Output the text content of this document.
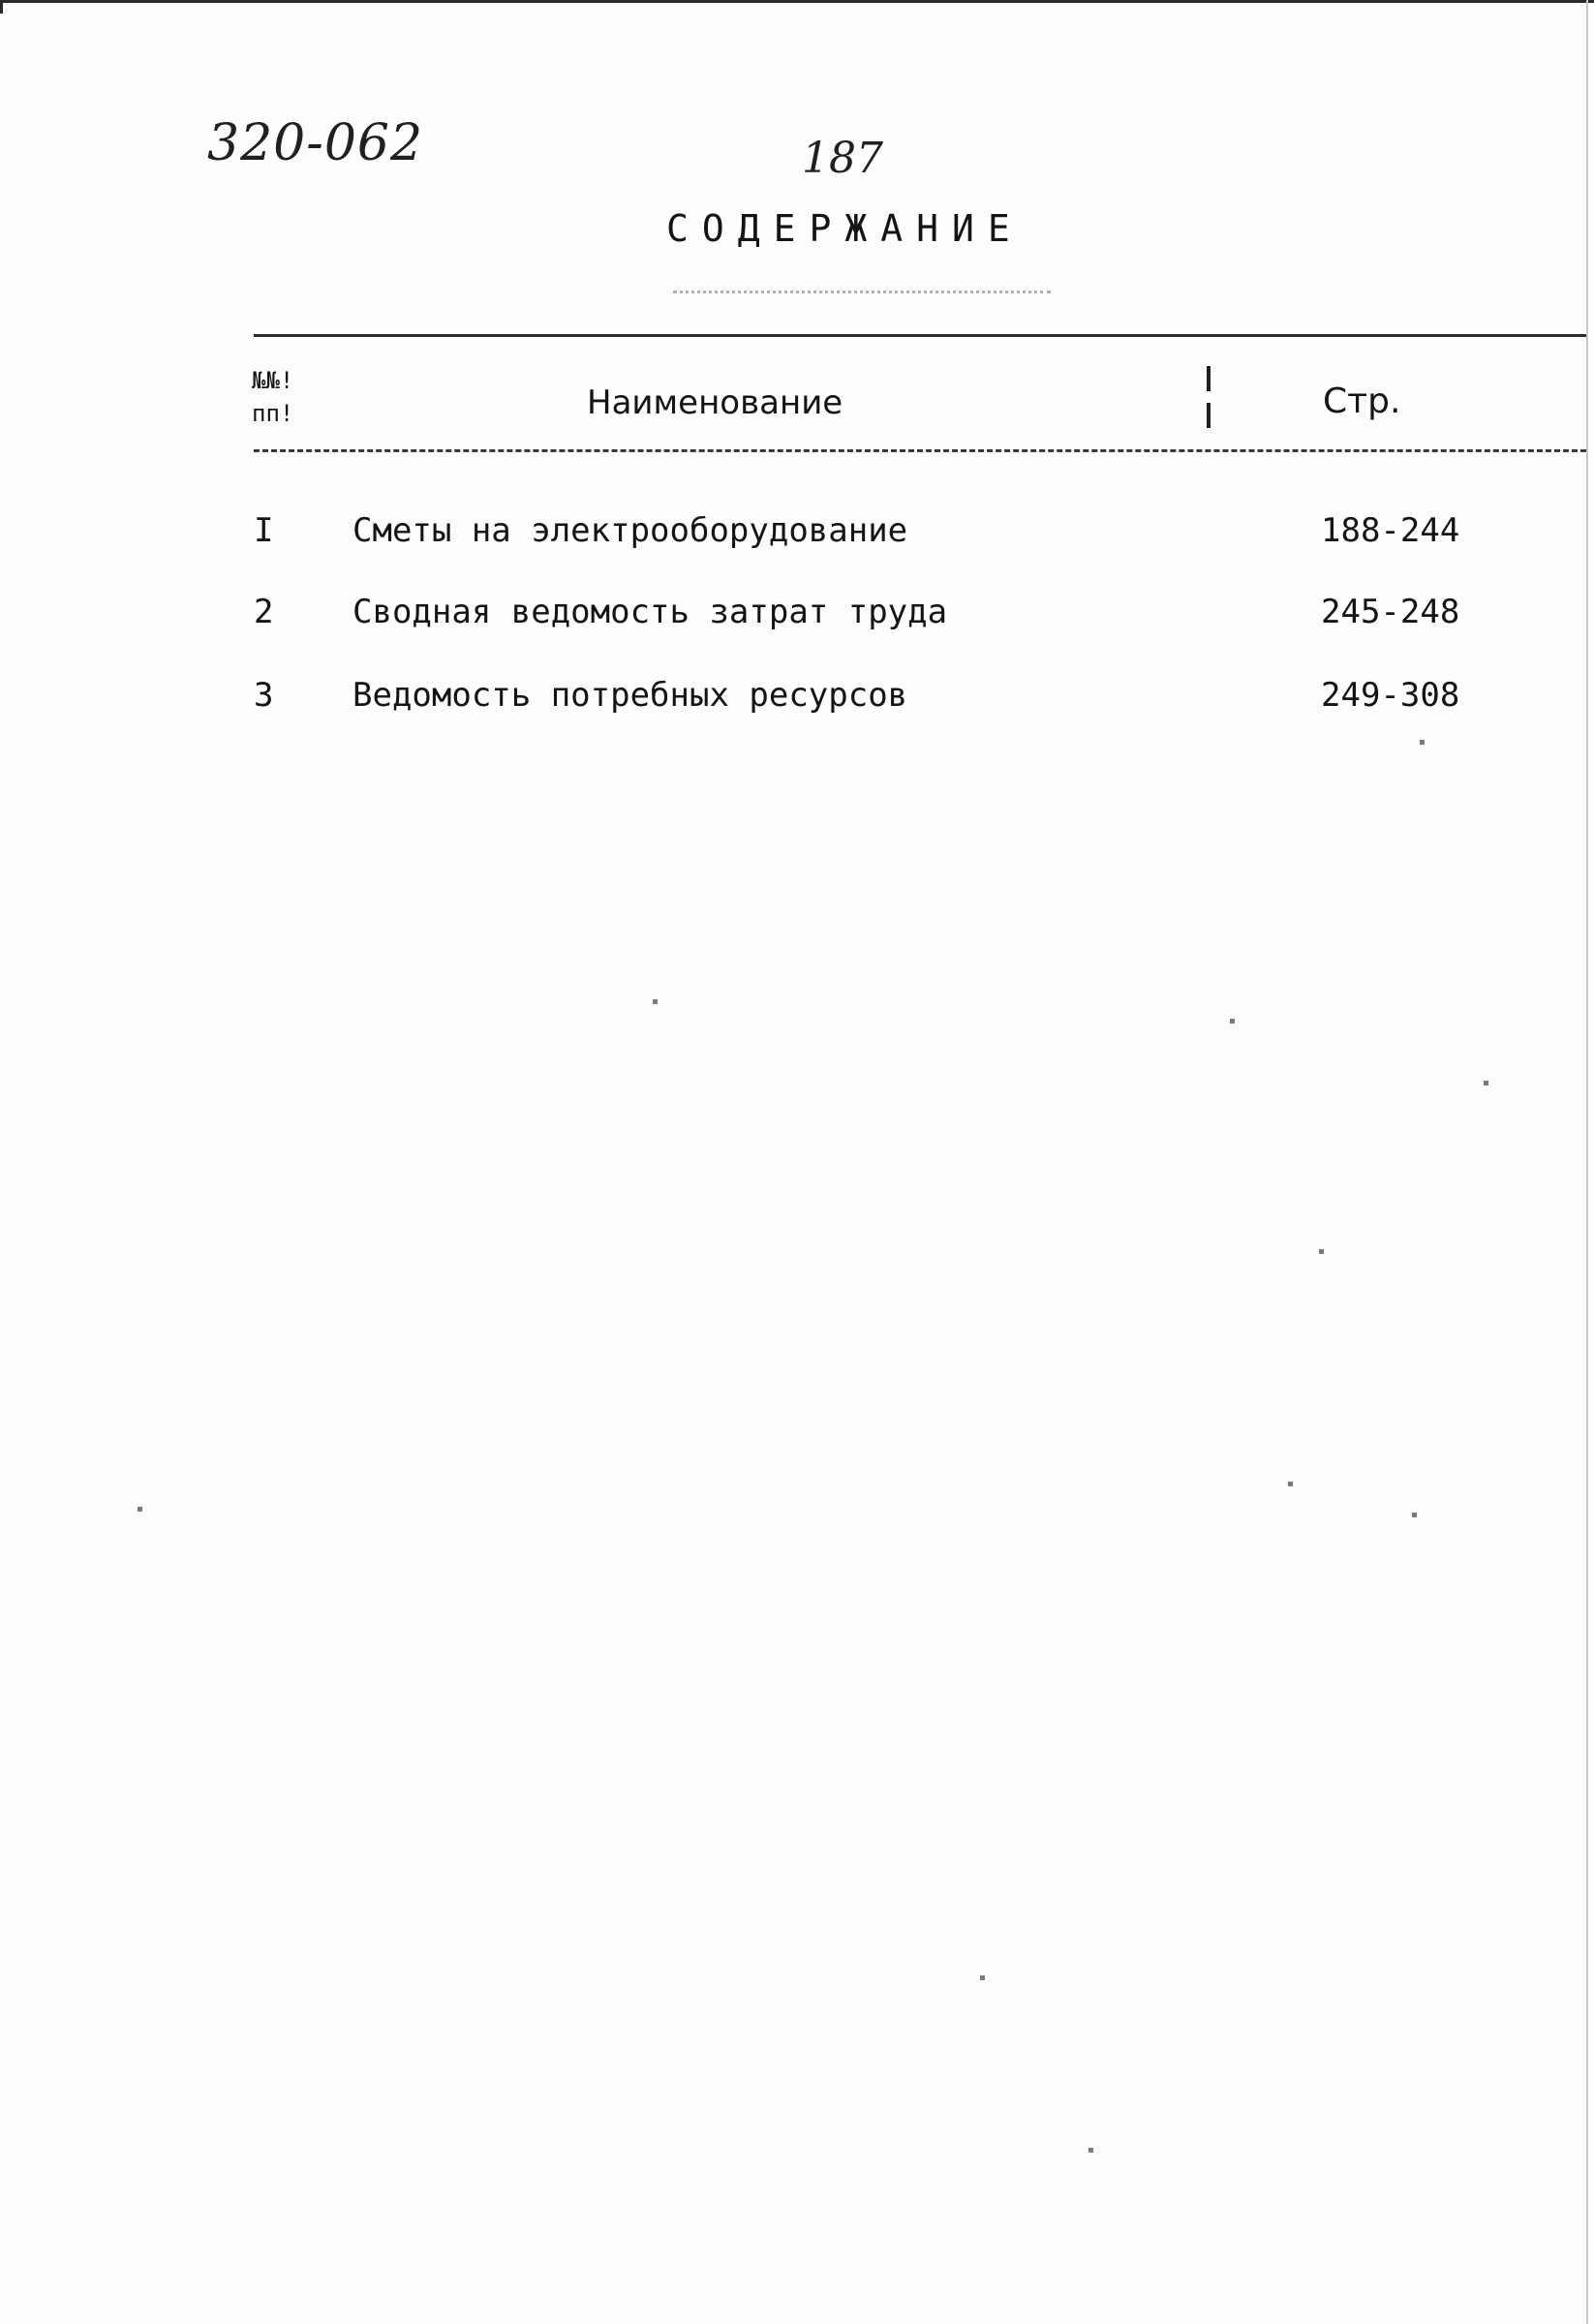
320-062	187
СОДЕРЖАНИЕ
№№!
пп!	Наименование	Стр.
I Сметы на электрооборудование	188-244
2 Сводная ведомость затрат труда	245-248
3 Ведомость потребных ресурсов	249-308
